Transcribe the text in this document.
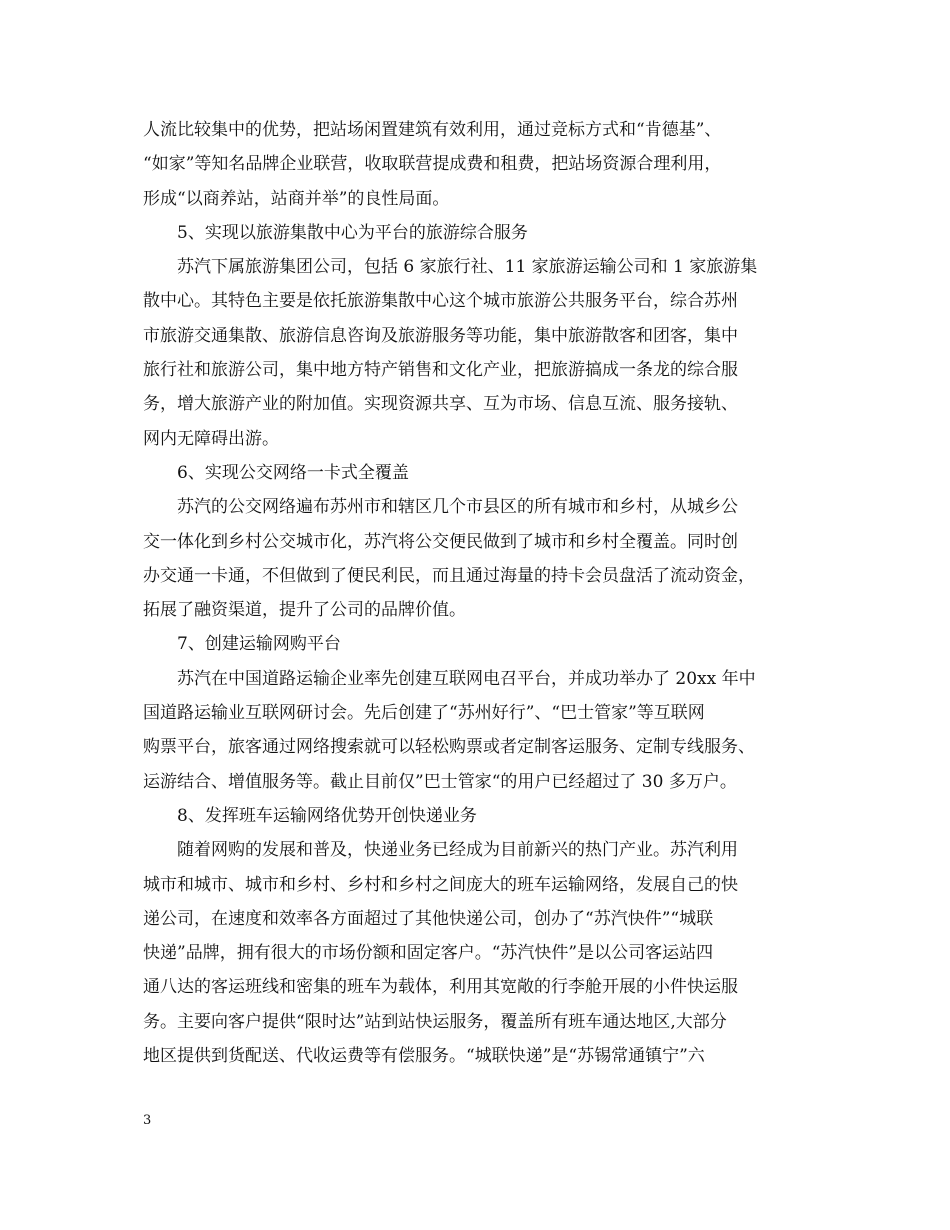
人流比较集中的优势，把站场闲置建筑有效利用，通过竞标方式和“肯德基”、
“如家”等知名品牌企业联营，收取联营提成费和租费，把站场资源合理利用，
形成“以商养站，站商并举”的良性局面。
5、实现以旅游集散中心为平台的旅游综合服务
苏汽下属旅游集团公司，包括 6 家旅行社、11 家旅游运输公司和 1 家旅游集
散中心。其特色主要是依托旅游集散中心这个城市旅游公共服务平台，综合苏州
市旅游交通集散、旅游信息咨询及旅游服务等功能，集中旅游散客和团客，集中
旅行社和旅游公司，集中地方特产销售和文化产业，把旅游搞成一条龙的综合服
务，增大旅游产业的附加值。实现资源共享、互为市场、信息互流、服务接轨、
网内无障碍出游。
6、实现公交网络一卡式全覆盖
苏汽的公交网络遍布苏州市和辖区几个市县区的所有城市和乡村，从城乡公
交一体化到乡村公交城市化，苏汽将公交便民做到了城市和乡村全覆盖。同时创
办交通一卡通，不但做到了便民利民，而且通过海量的持卡会员盘活了流动资金，
拓展了融资渠道，提升了公司的品牌价值。
7、创建运输网购平台
苏汽在中国道路运输企业率先创建互联网电召平台，并成功举办了 20xx 年中
国道路运输业互联网研讨会。先后创建了“苏州好行”、“巴士管家”等互联网
购票平台，旅客通过网络搜索就可以轻松购票或者定制客运服务、定制专线服务、
运游结合、增值服务等。截止目前仅”巴士管家“的用户已经超过了 30 多万户。
8、发挥班车运输网络优势开创快递业务
随着网购的发展和普及，快递业务已经成为目前新兴的热门产业。苏汽利用
城市和城市、城市和乡村、乡村和乡村之间庞大的班车运输网络，发展自己的快
递公司，在速度和效率各方面超过了其他快递公司，创办了“苏汽快件”“城联
快递”品牌，拥有很大的市场份额和固定客户。“苏汽快件”是以公司客运站四
通八达的客运班线和密集的班车为载体，利用其宽敞的行李舱开展的小件快运服
务。主要向客户提供“限时达”站到站快运服务，覆盖所有班车通达地区,大部分
地区提供到货配送、代收运费等有偿服务。“城联快递”是“苏锡常通镇宁”六
3
